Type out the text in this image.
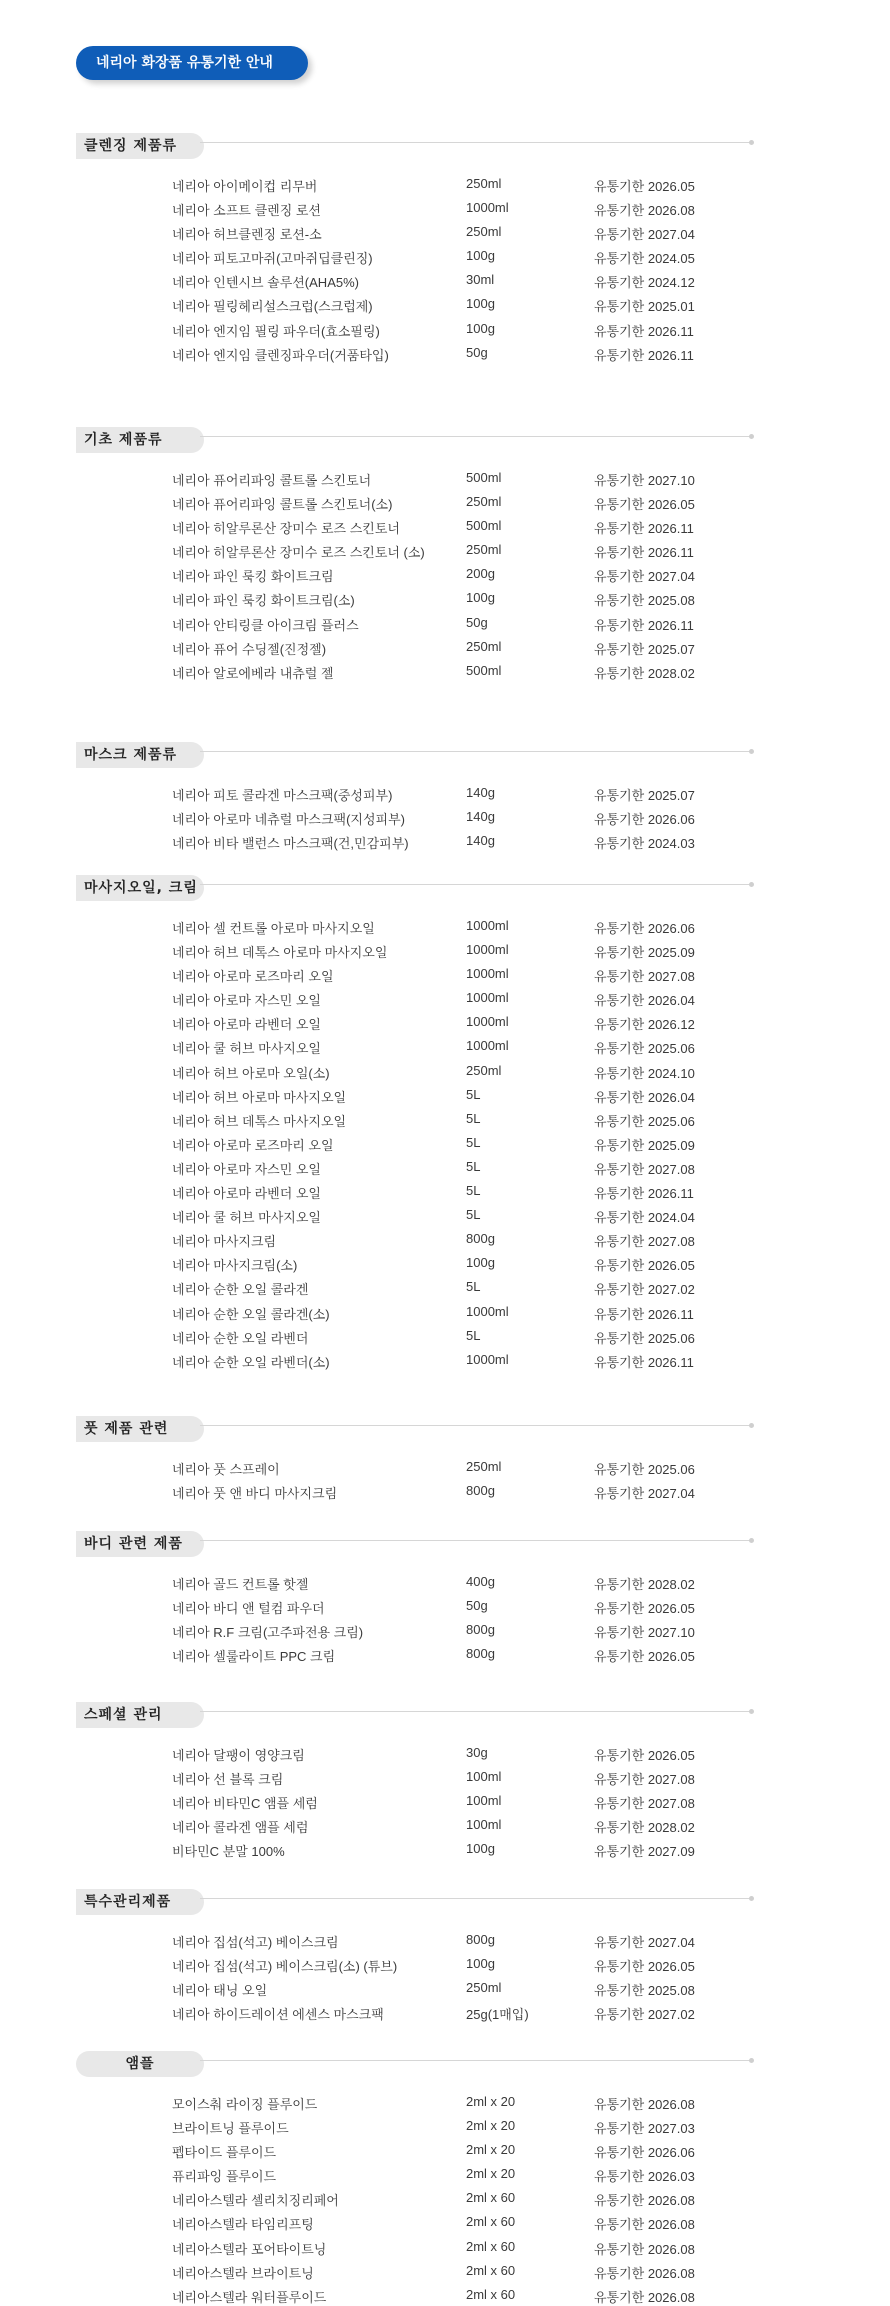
네리아 화장품 유통기한 안내
클렌징 제품류
네리아 아이메이컵 리무버	250ml	유통기한 2026.05
네리아 소프트 클렌징 로션	1000ml	유통기한 2026.08
네리아 허브클렌징 로션-소	250ml	유통기한 2027.04
네리아 피토고마쥐(고마쥐딥클린징)	100g	유통기한 2024.05
네리아 인텐시브 솔루션(AHA5%)	30ml	유통기한 2024.12
네리아 필링헤리설스크럽(스크럽제)	100g	유통기한 2025.01
네리아 엔지임 필링 파우더(효소필링)	100g	유통기한 2026.11
네리아 엔지임 클렌징파우더(거품타입)	50g	유통기한 2026.11
기초 제품류
네리아 퓨어리파잉 콜트롤 스킨토너	500ml	유통기한 2027.10
네리아 퓨어리파잉 콜트롤 스킨토너(소)	250ml	유통기한 2026.05
네리아 히알루론산 장미수 로즈 스킨토너	500ml	유통기한 2026.11
네리아 히알루론산 장미수 로즈 스킨토너 (소)	250ml	유통기한 2026.11
네리아 파인 룩킹 화이트크림	200g	유통기한 2027.04
네리아 파인 룩킹 화이트크림(소)	100g	유통기한 2025.08
네리아 안티링클 아이크림 플러스	50g	유통기한 2026.11
네리아 퓨어 수딩젤(진정젤)	250ml	유통기한 2025.07
네리아 알로에베라 내츄럴 젤	500ml	유통기한 2028.02
마스크 제품류
네리아 피토 콜라겐 마스크팩(중성피부)	140g	유통기한 2025.07
네리아 아로마 네츄럴 마스크팩(지성피부)	140g	유통기한 2026.06
네리아 비타 밸런스 마스크팩(건,민감피부)	140g	유통기한 2024.03
마사지오일, 크림
네리아 셀 컨트롤 아로마 마사지오일	1000ml	유통기한 2026.06
네리아 허브 데톡스 아로마 마사지오일	1000ml	유통기한 2025.09
네리아 아로마 로즈마리 오일	1000ml	유통기한 2027.08
네리아 아로마 자스민 오일	1000ml	유통기한 2026.04
네리아 아로마 라벤더 오일	1000ml	유통기한 2026.12
네리아 쿨 허브 마사지오일	1000ml	유통기한 2025.06
네리아 허브 아로마 오일(소)	250ml	유통기한 2024.10
네리아 허브 아로마 마사지오일	5L	유통기한 2026.04
네리아 허브 데톡스 마사지오일	5L	유통기한 2025.06
네리아 아로마 로즈마리 오일	5L	유통기한 2025.09
네리아 아로마 자스민 오일	5L	유통기한 2027.08
네리아 아로마 라벤더 오일	5L	유통기한 2026.11
네리아 쿨 허브 마사지오일	5L	유통기한 2024.04
네리아 마사지크림	800g	유통기한 2027.08
네리아 마사지크림(소)	100g	유통기한 2026.05
네리아 순한 오일 콜라겐	5L	유통기한 2027.02
네리아 순한 오일 콜라겐(소)	1000ml	유통기한 2026.11
네리아 순한 오일 라벤더	5L	유통기한 2025.06
네리아 순한 오일 라벤더(소)	1000ml	유통기한 2026.11
풋 제품 관련
네리아 풋 스프레이	250ml	유통기한 2025.06
네리아 풋 앤 바디 마사지크림	800g	유통기한 2027.04
바디 관련 제품
네리아 골드 컨트롤 핫젤	400g	유통기한 2028.02
네리아 바디 앤 털컴 파우더	50g	유통기한 2026.05
네리아 R.F 크림(고주파전용 크림)	800g	유통기한 2027.10
네리아 셀룰라이트 PPC 크림	800g	유통기한 2026.05
스페셜 관리
네리아 달팽이 영양크림	30g	유통기한 2026.05
네리아 선 블록 크림	100ml	유통기한 2027.08
네리아 비타민C 앰플 세럼	100ml	유통기한 2027.08
네리아 콜라겐 앰플 세럼	100ml	유통기한 2028.02
비타민C 분말 100%	100g	유통기한 2027.09
특수관리제품
네리아 집섬(석고) 베이스크림	800g	유통기한 2027.04
네리아 집섬(석고) 베이스크림(소) (튜브)	100g	유통기한 2026.05
네리아 태닝 오일	250ml	유통기한 2025.08
네리아 하이드레이션 에센스 마스크팩	25g(1매입)	유통기한 2027.02
앰플
모이스춰 라이징 플루이드	2ml x 20	유통기한 2026.08
브라이트닝 플루이드	2ml x 20	유통기한 2027.03
펩타이드 플루이드	2ml x 20	유통기한 2026.06
퓨리파잉 플루이드	2ml x 20	유통기한 2026.03
네리아스텔라 셀리치징리페어	2ml x 60	유통기한 2026.08
네리아스텔라 타임리프팅	2ml x 60	유통기한 2026.08
네리아스텔라 포어타이트닝	2ml x 60	유통기한 2026.08
네리아스텔라 브라이트닝	2ml x 60	유통기한 2026.08
네리아스텔라 워터플루이드	2ml x 60	유통기한 2026.08
